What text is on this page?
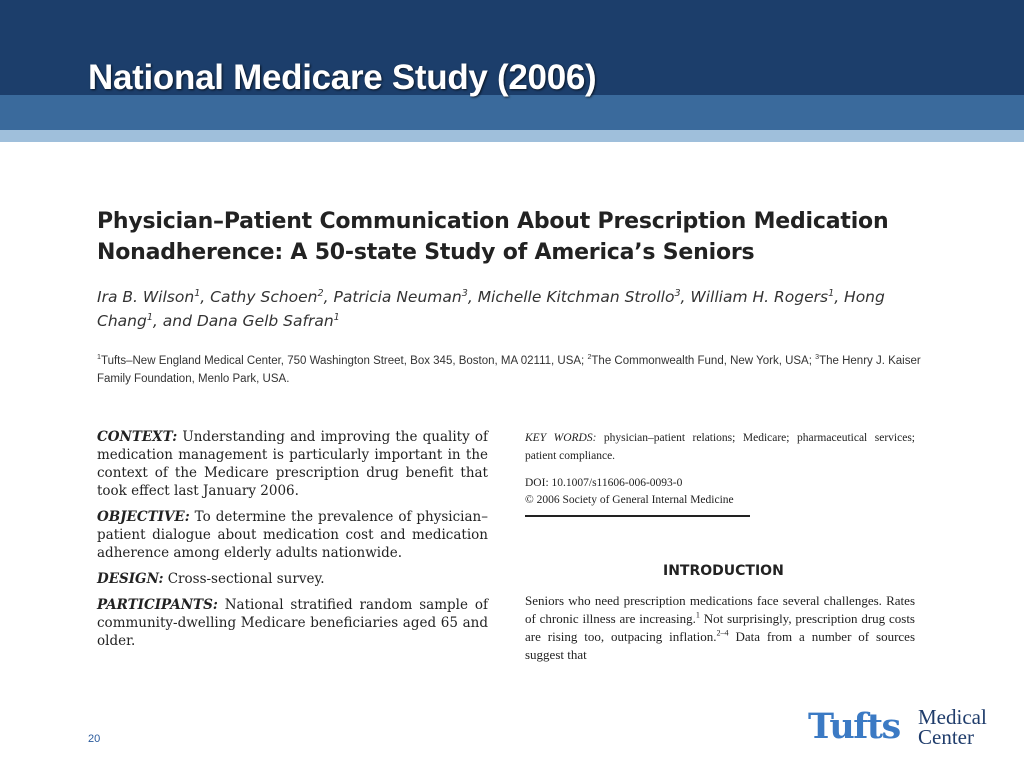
National Medicare Study (2006)
Physician–Patient Communication About Prescription Medication Nonadherence: A 50-state Study of America’s Seniors

Ira B. Wilson$^1$, Cathy Schoen$^2$, Patricia Neuman$^3$, Michelle Kitchman Strollo$^3$, William H. Rogers$^1$, Hong Chang$^1$, and Dana Gelb Safran$^1$

$^1$Tufts–New England Medical Center, 750 Washington Street, Box 345, Boston, MA 02111, USA; $^2$The Commonwealth Fund, New York, USA; $^3$The Henry J. Kaiser Family Foundation, Menlo Park, USA.

CONTEXT: Understanding and improving the quality of medication management is particularly important in the context of the Medicare prescription drug benefit that took effect last January 2006.

OBJECTIVE: To determine the prevalence of physician–patient dialogue about medication cost and medication adherence among elderly adults nationwide.

DESIGN: Cross-sectional survey.

PARTICIPANTS: National stratified random sample of community-dwelling Medicare beneficiaries aged 65 and older.

KEY WORDS: physician–patient relations; Medicare; pharmaceutical services; patient compliance.

DOI: 10.1007/s11606-006-0093-0
© 2006 Society of General Internal Medicine

INTRODUCTION

Seniors who need prescription medications face several challenges. Rates of chronic illness are increasing.$^1$ Not surprisingly, prescription drug costs are rising too, outpacing inflation.$^{2-4}$ Data from a number of sources suggest that

20	Tufts Medical
Center
